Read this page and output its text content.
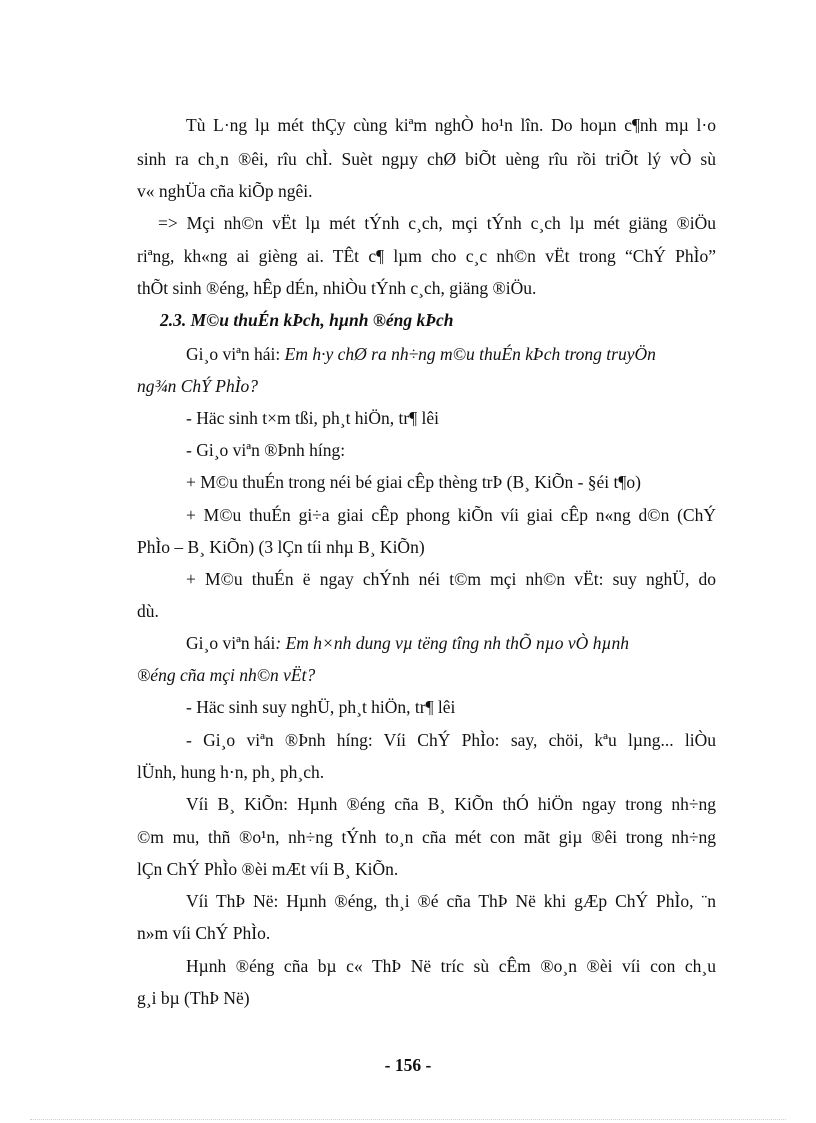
Tù L·ng lµ mét thÇy cùng kiªm nghÒ ho¹n lîn. Do hoµn c¶nh mµ l·o
sinh ra ch¸n ®êi, rîu chÌ. Suèt ngµy chØ biÕt uèng rîu rồi triÕt lý vÒ sù
v« nghÜa cña kiÕp ngêi.
=> Mçi nh©n vËt lµ mét tÝnh c¸ch, mçi tÝnh c¸ch lµ mét giäng ®iÖu
riªng, kh«ng ai gièng ai. TÊt c¶ lµm cho c¸c nh©n vËt trong “ChÝ PhÌo”
thÕt sinh ®éng, hÊp dÉn, nhiÒu tÝnh c¸ch, giäng ®iÖu.
2.3. M©u thuÉn kÞch, hµnh ®éng kÞch
Gi¸o viªn hái: Em h·y chØ ra nh÷ng m©u thuÉn kÞch trong truyÖn
ng¾n ChÝ PhÌo?
- Häc sinh t×m tßi, ph¸t hiÖn, tr¶ lêi
- Gi¸o viªn ®Þnh híng:
+ M©u thuÉn trong néi bé giai cÊp thèng trÞ (B¸ KiÕn - §éi t¶o)
+ M©u thuÉn gi÷a giai cÊp phong kiÕn víi giai cÊp n«ng d©n (ChÝ
PhÌo – B¸ KiÕn) (3 lÇn tíi nhµ B¸ KiÕn)
+ M©u thuÉn ë ngay chÝnh néi t©m mçi nh©n vËt: suy nghÜ, do
dù.
Gi¸o viªn hái: Em h×nh dung vµ tëng tîng nh thÕ nµo vÒ hµnh
®éng cña mçi nh©n vËt?
- Häc sinh suy nghÜ, ph¸t hiÖn, tr¶ lêi
- Gi¸o viªn ®Þnh híng: Víi ChÝ PhÌo: say, chöi, kªu lµng... liÒu
lÜnh, hung h·n, ph¸ ph¸ch.
Víi B¸ KiÕn: Hµnh ®éng cña B¸ KiÕn thÓ hiÖn ngay trong nh÷ng
©m mu, thñ ®o¹n, nh÷ng tÝnh to¸n cña mét con mãt giµ ®êi trong nh÷ng
lÇn ChÝ PhÌo ®èi mÆt víi B¸ KiÕn.
Víi ThÞ Në: Hµnh ®éng, th¸i ®é cña ThÞ Në khi gÆp ChÝ PhÌo, ¨n
n»m víi ChÝ PhÌo.
Hµnh ®éng cña bµ c« ThÞ Në tríc sù cÊm ®o¸n ®èi víi con ch¸u
g¸i bµ (ThÞ Në)
- 156 -
